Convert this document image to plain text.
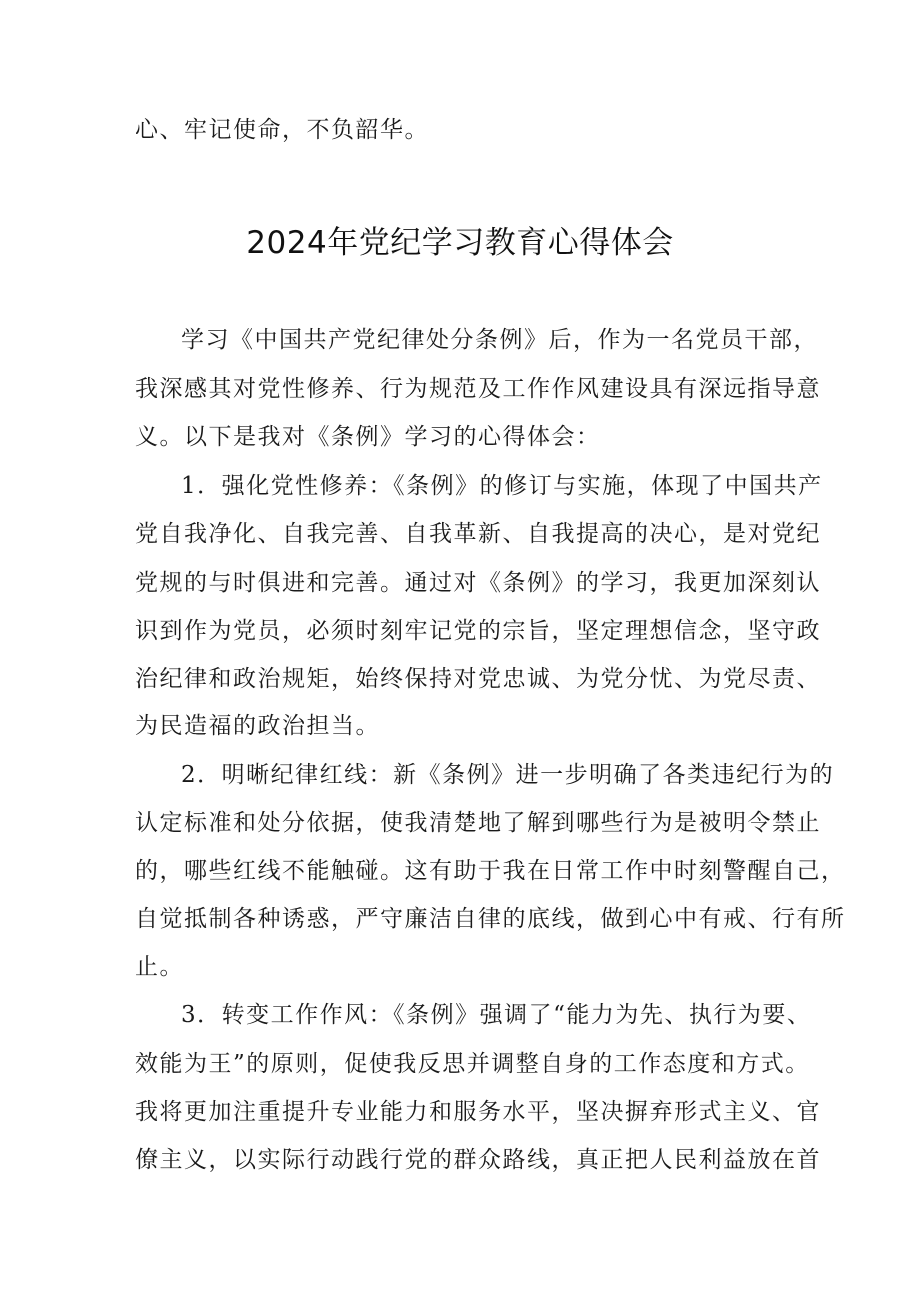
心、牢记使命，不负韶华。
2024年党纪学习教育心得体会
学习《中国共产党纪律处分条例》后，作为一名党员干部，
我深感其对党性修养、行为规范及工作作风建设具有深远指导意
义。以下是我对《条例》学习的心得体会：
1．强化党性修养：《条例》的修订与实施，体现了中国共产
党自我净化、自我完善、自我革新、自我提高的决心，是对党纪
党规的与时俱进和完善。通过对《条例》的学习，我更加深刻认
识到作为党员，必须时刻牢记党的宗旨，坚定理想信念，坚守政
治纪律和政治规矩，始终保持对党忠诚、为党分忧、为党尽责、
为民造福的政治担当。
2．明晰纪律红线：新《条例》进一步明确了各类违纪行为的
认定标准和处分依据，使我清楚地了解到哪些行为是被明令禁止
的，哪些红线不能触碰。这有助于我在日常工作中时刻警醒自己，
自觉抵制各种诱惑，严守廉洁自律的底线，做到心中有戒、行有所
止。
3．转变工作作风：《条例》强调了“能力为先、执行为要、
效能为王”的原则，促使我反思并调整自身的工作态度和方式。
我将更加注重提升专业能力和服务水平，坚决摒弃形式主义、官
僚主义，以实际行动践行党的群众路线，真正把人民利益放在首
